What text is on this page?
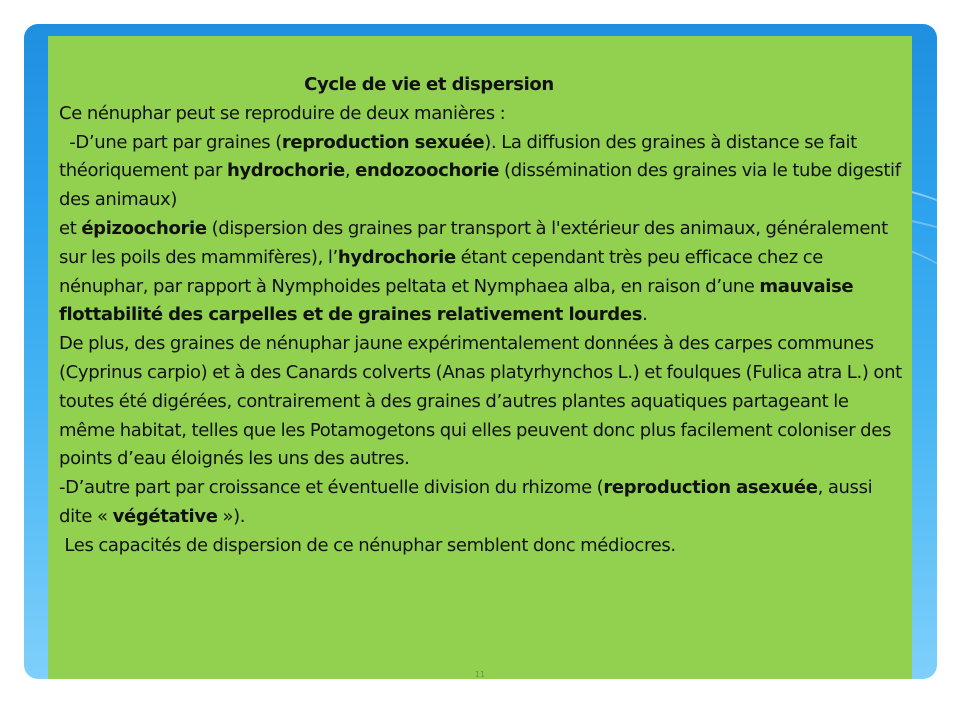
Cycle de vie et dispersion

Ce nénuphar peut se reproduire de deux manières :

-D’une part par graines (reproduction sexuée). La diffusion des graines à distance se fait théoriquement par hydrochorie, endozoochorie (dissémination des graines via le tube digestif des animaux)

et épizoochorie (dispersion des graines par transport à l'extérieur des animaux, généralement sur les poils des mammifères), l’hydrochorie étant cependant très peu efficace chez ce nénuphar, par rapport à Nymphoides peltata et Nymphaea alba, en raison d’une mauvaise flottabilité des carpelles et de graines relativement lourdes.

De plus, des graines de nénuphar jaune expérimentalement données à des carpes communes (Cyprinus carpio) et à des Canards colverts (Anas platyrhynchos L.) et foulques (Fulica atra L.) ont toutes été digérées, contrairement à des graines d’autres plantes aquatiques partageant le même habitat, telles que les Potamogetons qui elles peuvent donc plus facilement coloniser des points d’eau éloignés les uns des autres.

-D’autre part par croissance et éventuelle division du rhizome (reproduction asexuée, aussi dite « végétative »).

Les capacités de dispersion de ce nénuphar semblent donc médiocres.

11
